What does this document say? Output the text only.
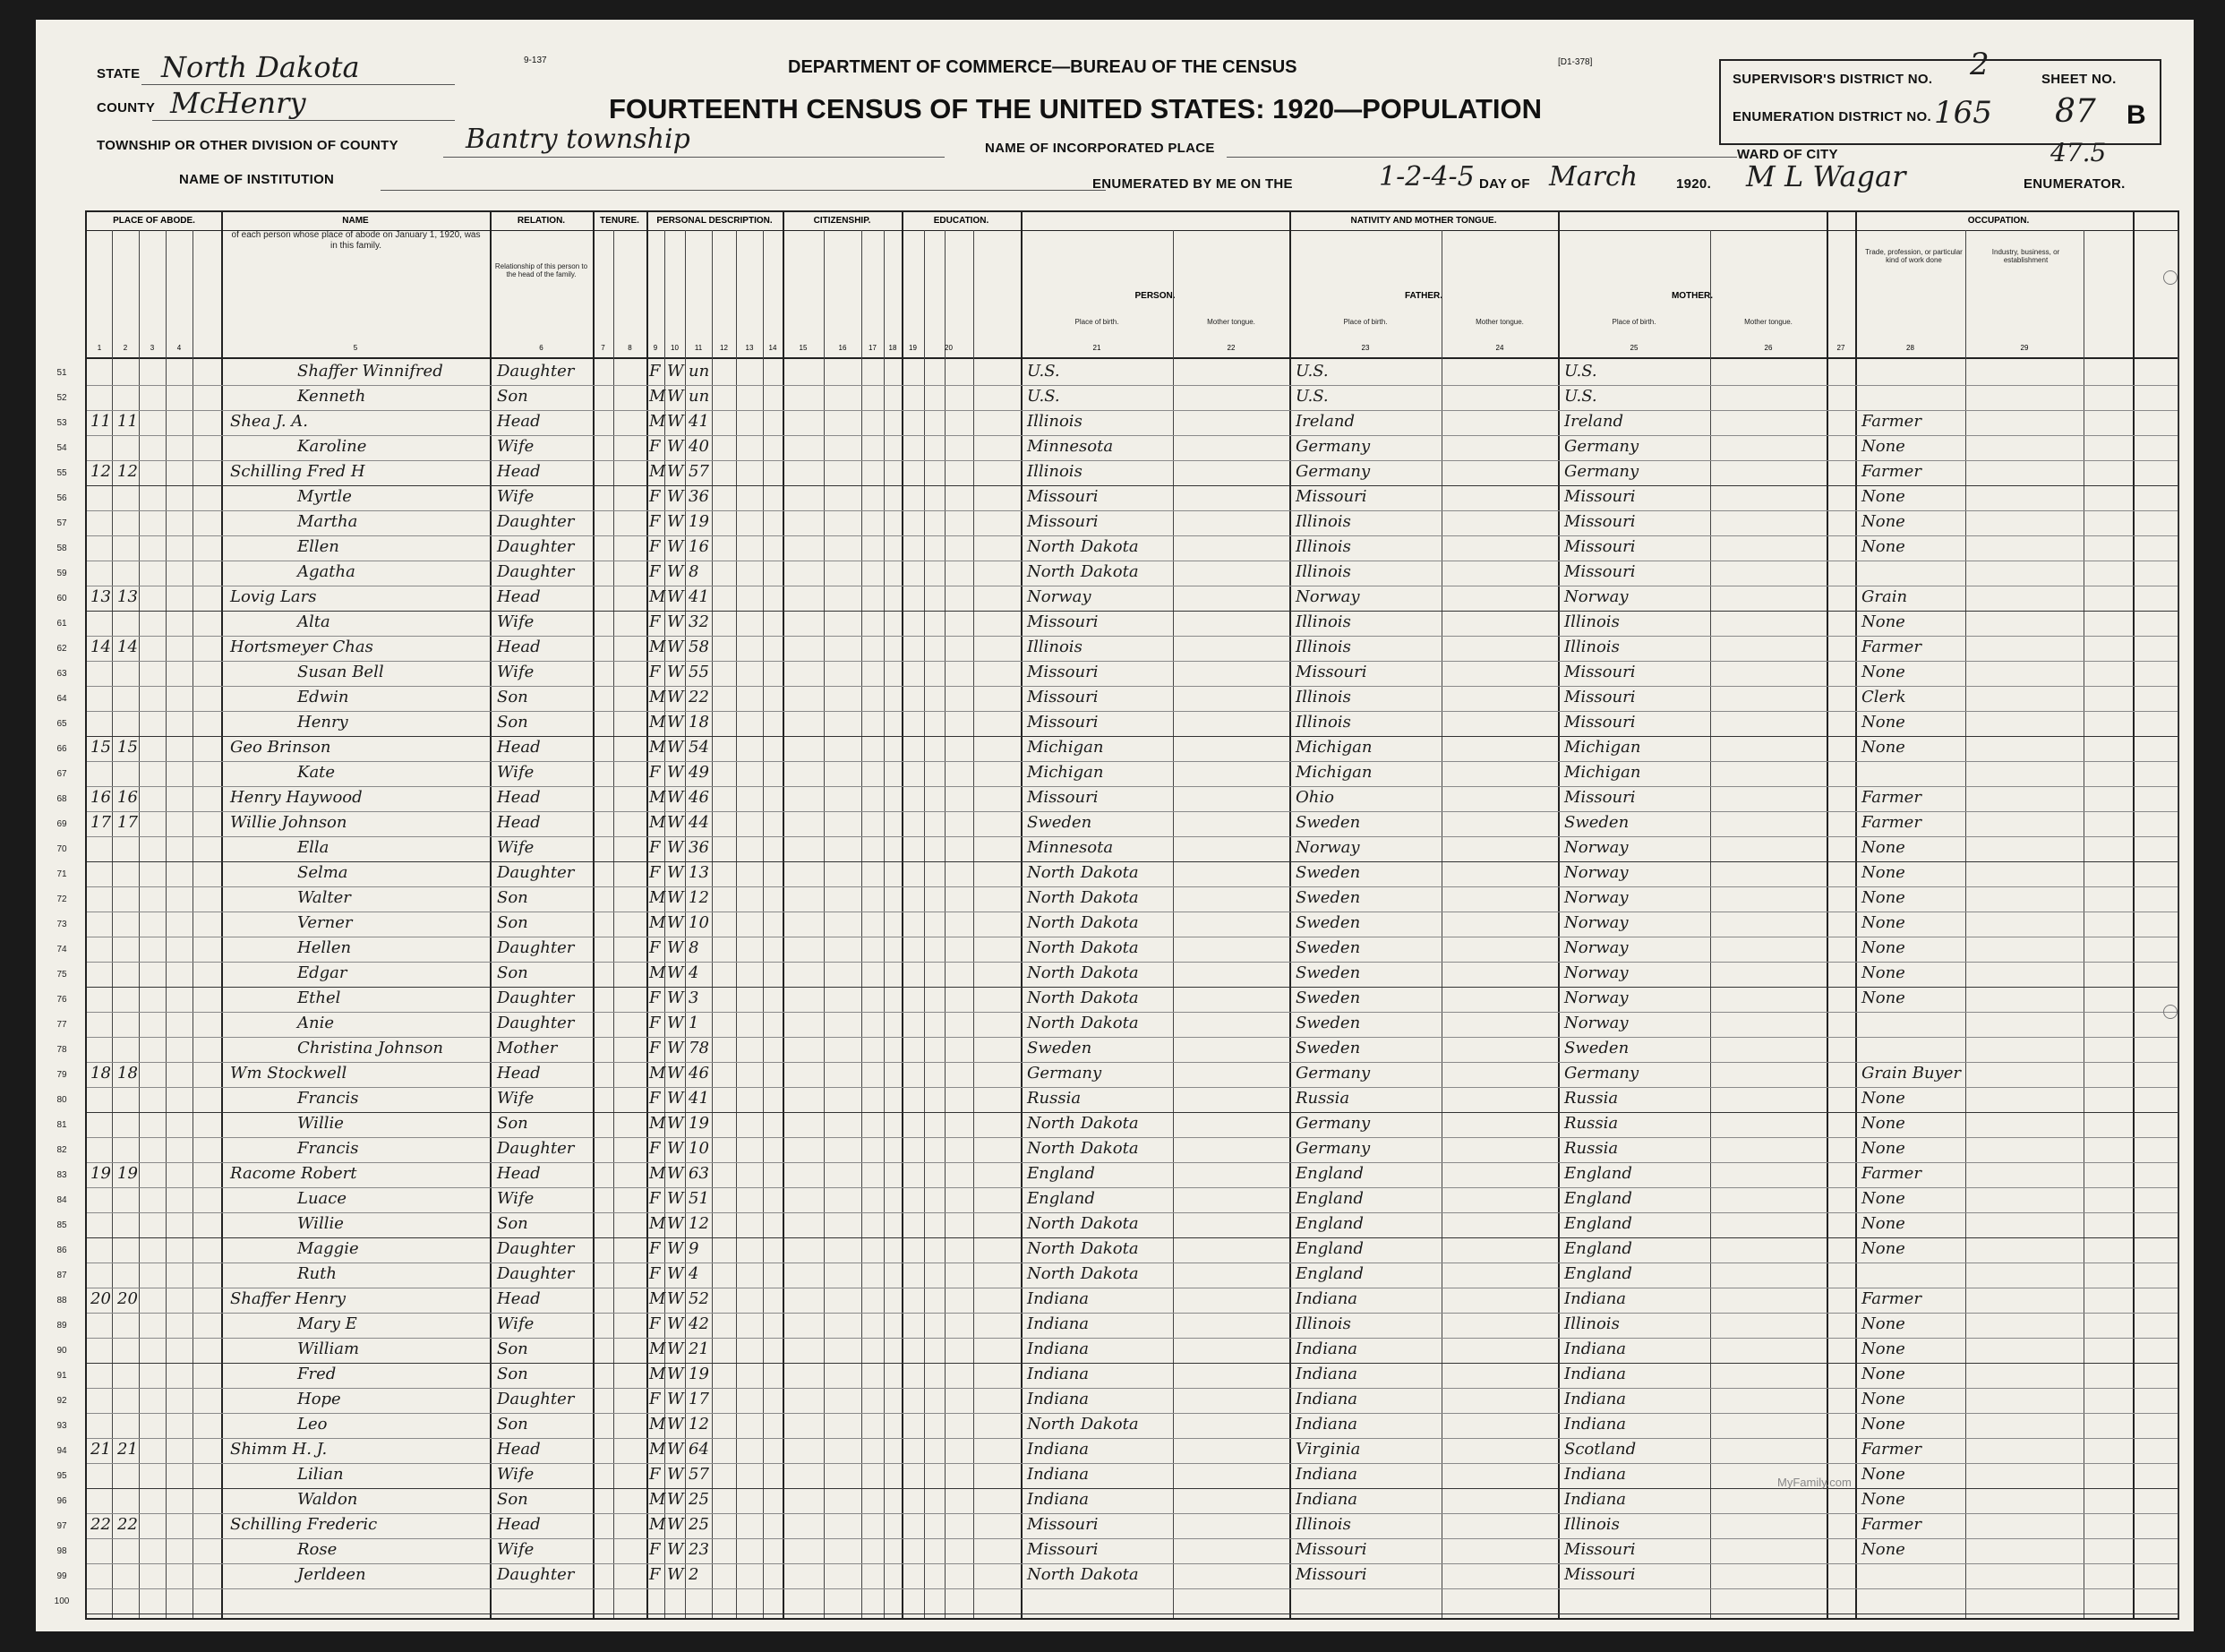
9-137	[D1-378]
DEPARTMENT OF COMMERCE—BUREAU OF THE CENSUS
FOURTEENTH CENSUS OF THE UNITED STATES: 1920—POPULATION
STATE North Dakota
COUNTY McHenry
TOWNSHIP OR OTHER DIVISION OF COUNTY	Bantry township
NAME OF INSTITUTION
NAME OF INCORPORATED PLACE
SUPERVISOR'S DISTRICT NO. 2
ENUMERATION DISTRICT NO. 165
SHEET NO.
87 B
WARD OF CITY	47.5
ENUMERATED BY ME ON THE	1-2-4-5 DAY OF March	1920. M L Wagar	ENUMERATOR.
PLACE OF ABODE.	NAME
of each person whose place of abode on January 1, 1920, was in this family.
RELATION.
Relationship of this person to the head of the family.
TENURE.	PERSONAL DESCRIPTION.	CITIZENSHIP.	EDUCATION.	NATIVITY AND MOTHER TONGUE.
PERSON.	FATHER.	MOTHER.
Place of birth.	Mother tongue.	Place of birth.	Mother tongue.	Place of birth.	Mother tongue.
OCCUPATION.
Trade, profession, or particular kind of work done
Industry, business, or establishment
1	2	3	4	5	6	7	8	9	10	11	12	13	14	15	16	17	18	19	20	21	22	23	24	25	26	27	28	29
51	Shaffer Winnifred	Daughter	F W un	U.S.	U.S.	U.S.
52	Kenneth	Son	M W un	U.S.	U.S.	U.S.
53	11 11	Shea J. A.	Head	M W 41	Illinois	Ireland	Ireland	Farmer
54	Karoline	Wife	F W 40	Minnesota	Germany	Germany	None
55	12 12	Schilling Fred H	Head	M W 57	Illinois	Germany	Germany	Farmer
56	Myrtle	Wife	F W 36	Missouri	Missouri	Missouri	None
57	Martha	Daughter	F W 19	Missouri	Illinois	Missouri	None
58	Ellen	Daughter	F W 16	North Dakota	Illinois	Missouri	None
59	Agatha	Daughter	F W 8	North Dakota	Illinois	Missouri
60	13 13	Lovig Lars	Head	M W 41	Norway	Norway	Norway	Grain
61	Alta	Wife	F W 32	Missouri	Illinois	Illinois	None
62	14 14	Hortsmeyer Chas	Head	M W 58	Illinois	Illinois	Illinois	Farmer
63	Susan Bell	Wife	F W 55	Missouri	Missouri	Missouri	None
64	Edwin	Son	M W 22	Missouri	Illinois	Missouri	Clerk
65	Henry	Son	M W 18	Missouri	Illinois	Missouri	None
66	15 15	Geo Brinson	Head	M W 54	Michigan	Michigan	Michigan	None
67	Kate	Wife	F W 49	Michigan	Michigan	Michigan
68	16 16	Henry Haywood	Head	M W 46	Missouri	Ohio	Missouri	Farmer
69	17 17	Willie Johnson	Head	M W 44	Sweden	Sweden	Sweden	Farmer
70	Ella	Wife	F W 36	Minnesota	Norway	Norway	None
71	Selma	Daughter	F W 13	North Dakota	Sweden	Norway	None
72	Walter	Son	M W 12	North Dakota	Sweden	Norway	None
73	Verner	Son	M W 10	North Dakota	Sweden	Norway	None
74	Hellen	Daughter	F W 8	North Dakota	Sweden	Norway	None
75	Edgar	Son	M W 4	North Dakota	Sweden	Norway	None
76	Ethel	Daughter	F W 3	North Dakota	Sweden	Norway	None
77	Anie	Daughter	F W 1	North Dakota	Sweden	Norway
78	Christina Johnson	Mother	F W 78	Sweden	Sweden	Sweden
79	18 18	Wm Stockwell	Head	M W 46	Germany	Germany	Germany	Grain Buyer
80	Francis	Wife	F W 41	Russia	Russia	Russia	None
81	Willie	Son	M W 19	North Dakota	Germany	Russia	None
82	Francis	Daughter	F W 10	North Dakota	Germany	Russia	None
83	19 19	Racome Robert	Head	M W 63	England	England	England	Farmer
84	Luace	Wife	F W 51	England	England	England	None
85	Willie	Son	M W 12	North Dakota	England	England	None
86	Maggie	Daughter	F W 9	North Dakota	England	England	None
87	Ruth	Daughter	F W 4	North Dakota	England	England
88	20 20	Shaffer Henry	Head	M W 52	Indiana	Indiana	Indiana	Farmer
89	Mary E	Wife	F W 42	Indiana	Illinois	Illinois	None
90	William	Son	M W 21	Indiana	Indiana	Indiana	None
91	Fred	Son	M W 19	Indiana	Indiana	Indiana	None
92	Hope	Daughter	F W 17	Indiana	Indiana	Indiana	None
93	Leo	Son	M W 12	North Dakota	Indiana	Indiana	None
94	21 21	Shimm H. J.	Head	M W 64	Indiana	Virginia	Scotland	Farmer
95	Lilian	Wife	F W 57	Indiana	Indiana	Indiana	None
96	Waldon	Son	M W 25	Indiana	Indiana	Indiana	None
97	22 22	Schilling Frederic	Head	M W 25	Missouri	Illinois	Illinois	Farmer
98	Rose	Wife	F W 23	Missouri	Missouri	Missouri	None
99	Jerldeen	Daughter	F W 2	North Dakota	Missouri	Missouri
100
MyFamily.com
